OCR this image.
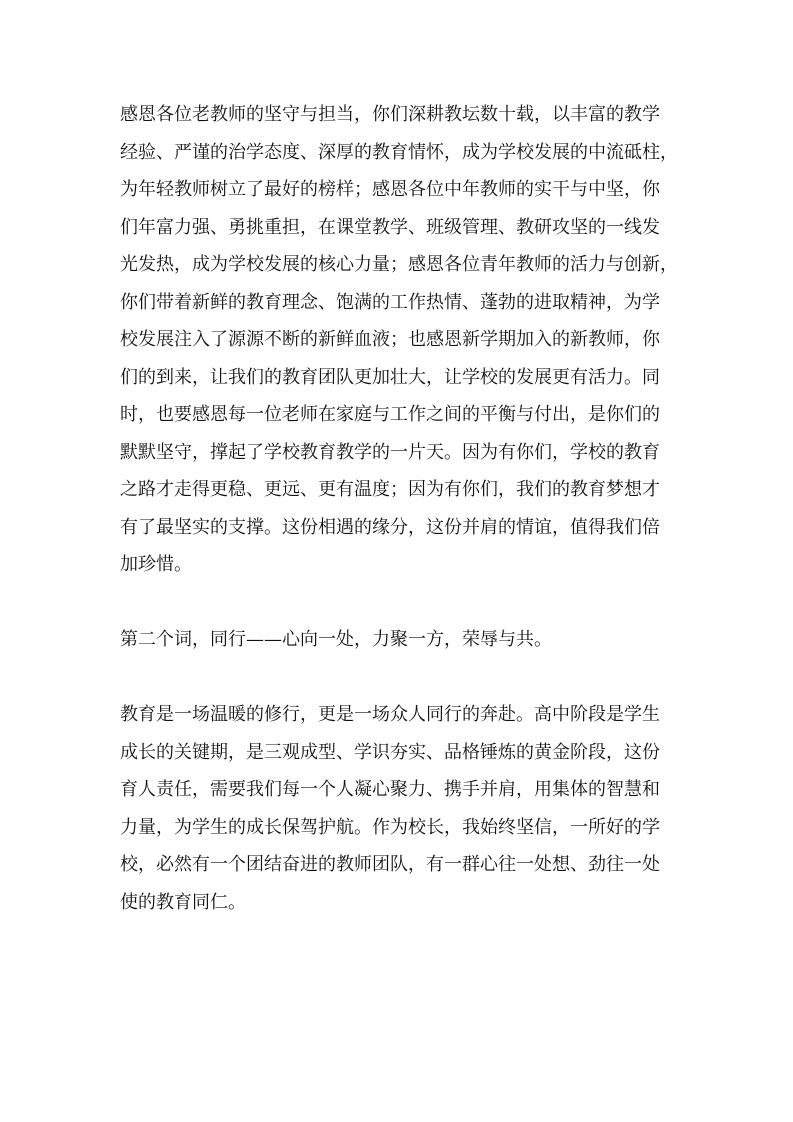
感恩各位老教师的坚守与担当，你们深耕教坛数十载，以丰富的教学
经验、严谨的治学态度、深厚的教育情怀，成为学校发展的中流砥柱，
为年轻教师树立了最好的榜样；感恩各位中年教师的实干与中坚，你
们年富力强、勇挑重担，在课堂教学、班级管理、教研攻坚的一线发
光发热，成为学校发展的核心力量；感恩各位青年教师的活力与创新，
你们带着新鲜的教育理念、饱满的工作热情、蓬勃的进取精神，为学
校发展注入了源源不断的新鲜血液；也感恩新学期加入的新教师，你
们的到来，让我们的教育团队更加壮大，让学校的发展更有活力。同
时，也要感恩每一位老师在家庭与工作之间的平衡与付出，是你们的
默默坚守，撑起了学校教育教学的一片天。因为有你们，学校的教育
之路才走得更稳、更远、更有温度；因为有你们，我们的教育梦想才
有了最坚实的支撑。这份相遇的缘分，这份并肩的情谊，值得我们倍
加珍惜。
第二个词，同行——心向一处，力聚一方，荣辱与共。
教育是一场温暖的修行，更是一场众人同行的奔赴。高中阶段是学生
成长的关键期，是三观成型、学识夯实、品格锤炼的黄金阶段，这份
育人责任，需要我们每一个人凝心聚力、携手并肩，用集体的智慧和
力量，为学生的成长保驾护航。作为校长，我始终坚信，一所好的学
校，必然有一个团结奋进的教师团队，有一群心往一处想、劲往一处
使的教育同仁。
